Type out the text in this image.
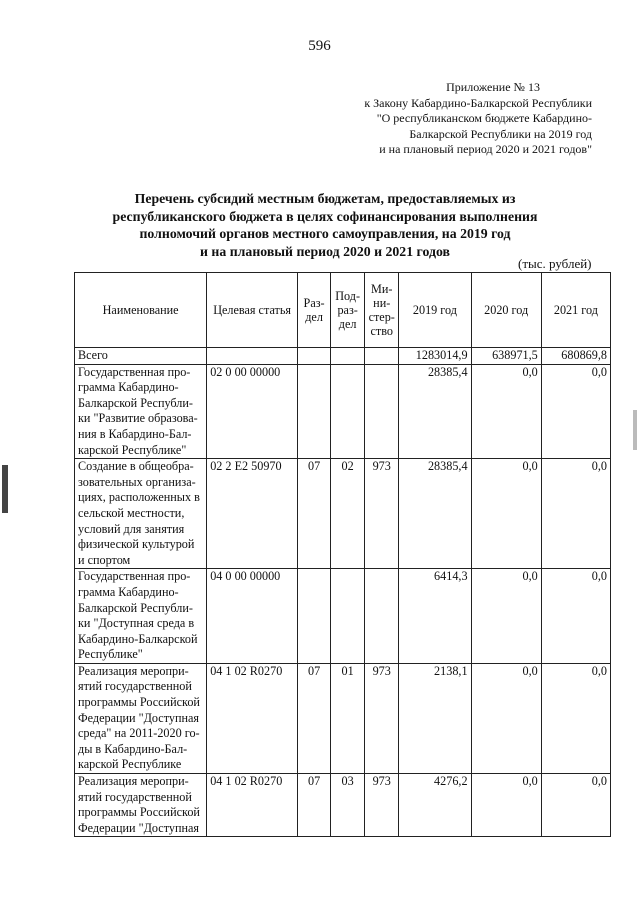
596
Приложение № 13
к Закону Кабардино-Балкарской Республики
"О республиканском бюджете Кабардино-
Балкарской Республики на 2019 год
и на плановый период 2020 и 2021 годов"
Перечень субсидий местным бюджетам, предоставляемых из
республиканского бюджета в целях софинансирования выполнения
полномочий органов местного самоуправления, на 2019 год
и на плановый период 2020 и 2021 годов
(тыс. рублей)
Наименование	Целевая статья	Раз- дел	Под- раз- дел	Ми- ни- стер- ство	2019 год	2020 год	2021 год
Всего					1283014,9	638971,5	680869,8
Государственная про- грамма Кабардино- Балкарской Республи- ки "Развитие образова- ния в Кабардино-Бал- карской Республике"	02 0 00 00000				28385,4	0,0	0,0
Создание в общеобра- зовательных организа- циях, расположенных в сельской местности, условий для занятия физической культурой и спортом	02 2 E2 50970	07	02	973	28385,4	0,0	0,0
Государственная про- грамма Кабардино- Балкарской Республи- ки "Доступная среда в Кабардино-Балкарской Республике"	04 0 00 00000				6414,3	0,0	0,0
Реализация меропри- ятий государственной программы Российской Федерации "Доступная среда" на 2011-2020 го- ды в Кабардино-Бал- карской Республике	04 1 02 R0270	07	01	973	2138,1	0,0	0,0
Реализация меропри- ятий государственной программы Российской Федерации "Доступная	04 1 02 R0270	07	03	973	4276,2	0,0	0,0
